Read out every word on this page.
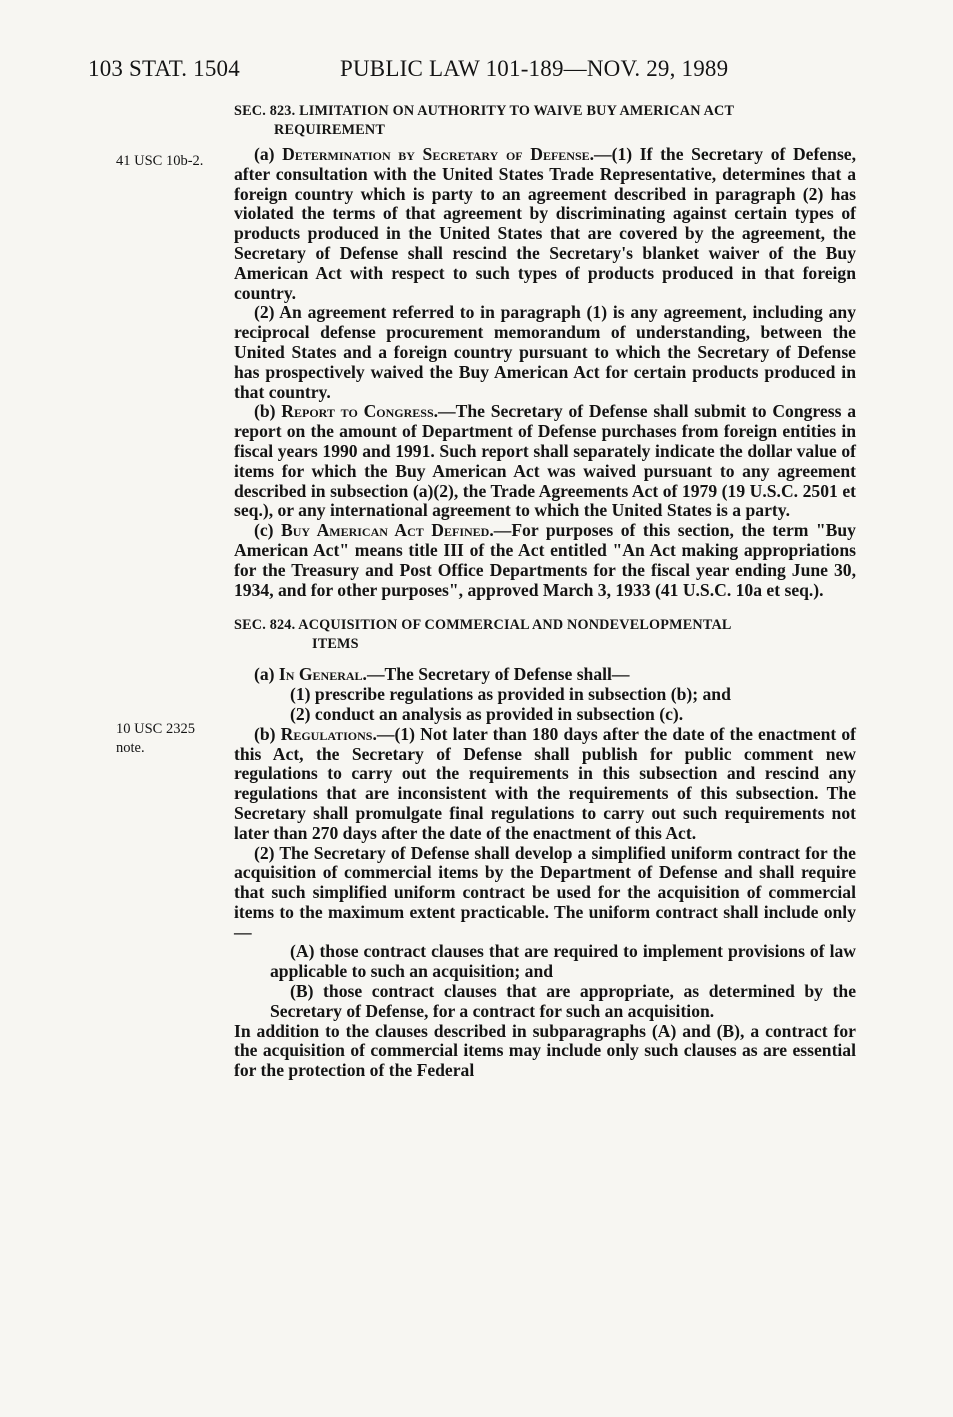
103 STAT. 1504	PUBLIC LAW 101-189—NOV. 29, 1989
41 USC 10b-2.
10 USC 2325
note.
SEC. 823. LIMITATION ON AUTHORITY TO WAIVE BUY AMERICAN ACT
REQUIREMENT

(a) Determination by Secretary of Defense.—(1) If the Secretary of Defense, after consultation with the United States Trade Representative, determines that a foreign country which is party to an agreement described in paragraph (2) has violated the terms of that agreement by discriminating against certain types of products produced in the United States that are covered by the agreement, the Secretary of Defense shall rescind the Secretary's blanket waiver of the Buy American Act with respect to such types of products produced in that foreign country.

(2) An agreement referred to in paragraph (1) is any agreement, including any reciprocal defense procurement memorandum of understanding, between the United States and a foreign country pursuant to which the Secretary of Defense has prospectively waived the Buy American Act for certain products produced in that country.

(b) Report to Congress.—The Secretary of Defense shall submit to Congress a report on the amount of Department of Defense purchases from foreign entities in fiscal years 1990 and 1991. Such report shall separately indicate the dollar value of items for which the Buy American Act was waived pursuant to any agreement described in subsection (a)(2), the Trade Agreements Act of 1979 (19 U.S.C. 2501 et seq.), or any international agreement to which the United States is a party.

(c) Buy American Act Defined.—For purposes of this section, the term "Buy American Act" means title III of the Act entitled "An Act making appropriations for the Treasury and Post Office Departments for the fiscal year ending June 30, 1934, and for other purposes", approved March 3, 1933 (41 U.S.C. 10a et seq.).

SEC. 824. ACQUISITION OF COMMERCIAL AND NONDEVELOPMENTAL
ITEMS

(a) In General.—The Secretary of Defense shall—

(1) prescribe regulations as provided in subsection (b); and

(2) conduct an analysis as provided in subsection (c).

(b) Regulations.—(1) Not later than 180 days after the date of the enactment of this Act, the Secretary of Defense shall publish for public comment new regulations to carry out the requirements in this subsection and rescind any regulations that are inconsistent with the requirements of this subsection. The Secretary shall promulgate final regulations to carry out such requirements not later than 270 days after the date of the enactment of this Act.

(2) The Secretary of Defense shall develop a simplified uniform contract for the acquisition of commercial items by the Department of Defense and shall require that such simplified uniform contract be used for the acquisition of commercial items to the maximum extent practicable. The uniform contract shall include only—

(A) those contract clauses that are required to implement provisions of law applicable to such an acquisition; and

(B) those contract clauses that are appropriate, as determined by the Secretary of Defense, for a contract for such an acquisition.

In addition to the clauses described in subparagraphs (A) and (B), a contract for the acquisition of commercial items may include only such clauses as are essential for the protection of the Federal
